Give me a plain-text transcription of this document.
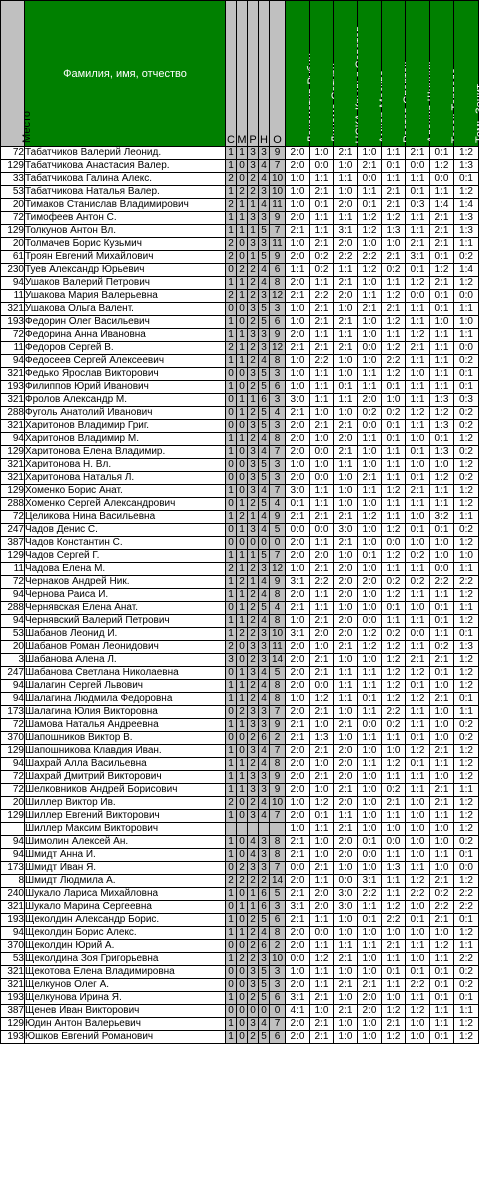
Место	Фамилия, имя, отчество	С	М	Р	Н	О								Томь-Зенит

72	Табатчиков Валерий Леонид.	1	1	3	3	9	2:0	1:0	2:1	1:0	1:1	2:1	0:1	1:2
129	Табатчикова Анастасия Валер.	1	0	3	4	7	2:0	0:0	1:0	2:1	0:1	0:0	1:2	1:3
33	Табатчикова Галина Алекс.	2	0	2	4	10	1:0	1:1	1:1	0:0	1:1	1:1	0:0	0:1
53	Табатчикова Наталья Валер.	1	2	2	3	10	1:0	2:1	1:0	1:1	2:1	0:1	1:1	1:2
20	Тимаков Станислав Владимирович	2	1	1	4	11	1:0	0:1	2:0	0:1	2:1	0:3	1:4	1:4
72	Тимофеев Антон С.	1	1	3	3	9	2:0	1:1	1:1	1:2	1:2	1:1	2:1	1:3
129	Толкунов Антон Вл.	1	1	1	5	7	2:1	1:1	3:1	1:2	1:3	1:1	2:1	1:3
20	Толмачев Борис Кузьмич	2	0	3	3	11	1:0	2:1	2:0	1:0	1:0	2:1	2:1	1:1
61	Троян Евгений Михайлович	2	0	1	5	9	2:0	0:2	2:2	2:2	2:1	3:1	0:1	0:2
230	Туев Александр Юрьевич	0	2	2	4	6	1:1	0:2	1:1	1:2	0:2	0:1	1:2	1:4
94	Ушаков Валерий Петрович	1	1	2	4	8	2:0	1:1	2:1	1:0	1:1	1:2	2:1	1:2
11	Ушакова Мария Валерьевна	2	1	2	3	12	2:1	2:2	2:0	1:1	1:2	0:0	0:1	0:0
321	Ушакова Ольга Валент.	0	0	3	5	3	1:0	2:1	1:0	2:1	2:1	1:1	0:1	1:1
193	Федорин Олег Васильевич	1	0	2	5	6	1:0	2:1	2:1	1:0	1:2	1:1	1:0	1:0
72	Федорина Анна Ивановна	1	1	3	3	9	2:0	1:1	1:1	1:0	1:1	1:2	1:1	1:1
11	Федоров Сергей В.	2	1	2	3	12	2:1	2:1	2:1	0:0	1:2	2:1	1:1	0:0
94	Федосеев Сергей Алексеевич	1	1	2	4	8	1:0	2:2	1:0	1:0	2:2	1:1	1:1	0:2
321	Федько Ярослав Викторович	0	0	3	5	3	1:0	1:1	1:0	1:1	1:2	1:0	1:1	0:1
193	Филиппов Юрий Иванович	1	0	2	5	6	1:0	1:1	0:1	1:1	0:1	1:1	1:1	0:1
321	Фролов Александр М.	0	1	1	6	3	3:0	1:1	1:1	2:0	1:0	1:1	1:3	0:3
288	Фуголь Анатолий Иванович	0	1	2	5	4	2:1	1:0	1:0	0:2	0:2	1:2	1:2	0:2
321	Харитонов Владимир Григ.	0	0	3	5	3	2:0	2:1	2:1	0:0	0:1	1:1	1:3	0:2
94	Харитонов Владимир М.	1	1	2	4	8	2:0	1:0	2:0	1:1	0:1	1:0	0:1	1:2
129	Харитонова Елена Владимир.	1	0	3	4	7	2:0	0:0	2:1	1:0	1:1	0:1	1:3	0:2
321	Харитонова Н. Вл.	0	0	3	5	3	1:0	1:0	1:1	1:0	1:1	1:0	1:0	1:2
321	Харитонова Наталья Л.	0	0	3	5	3	2:0	0:0	1:0	2:1	1:1	0:1	1:2	0:2
129	Хоменко Борис Анат.	1	0	3	4	7	3:0	1:1	1:0	1:1	1:2	2:1	1:1	1:2
288	Хоменко Сергей Александрович	0	1	2	5	4	0:1	1:1	1:0	1:0	1:1	1:1	1:1	1:2
72	Целикова Нина Васильевна	1	2	1	4	9	2:1	2:1	2:1	1:2	1:1	1:0	3:2	1:1
247	Чадов Денис С.	0	1	3	4	5	0:0	0:0	3:0	1:0	1:2	0:1	0:1	0:2
387	Чадов Константин С.	0	0	0	0	0	2:0	1:1	2:1	1:0	0:0	1:0	1:0	1:2
129	Чадов Сергей Г.	1	1	1	5	7	2:0	2:0	1:0	0:1	1:2	0:2	1:0	1:0
11	Чадова Елена М.	2	1	2	3	12	1:0	2:1	2:0	1:0	1:1	1:1	0:0	1:1
72	Чернаков Андрей Ник.	1	2	1	4	9	3:1	2:2	2:0	2:0	0:2	0:2	2:2	2:2
94	Чернова Раиса И.	1	1	2	4	8	2:0	1:1	2:0	1:0	1:2	1:1	1:1	1:2
288	Чернявская Елена Анат.	0	1	2	5	4	2:1	1:1	1:0	1:0	0:1	1:0	0:1	1:1
94	Чернявский Валерий Петрович	1	1	2	4	8	1:0	2:1	2:0	0:0	1:1	1:1	0:1	1:2
53	Шабанов Леонид И.	1	2	2	3	10	3:1	2:0	2:0	1:2	0:2	0:0	1:1	0:1
20	Шабанов Роман Леонидович	2	0	3	3	11	2:0	1:0	2:1	1:2	1:2	1:1	0:2	1:3
3	Шабанова Алена Л.	3	0	2	3	14	2:0	2:1	1:0	1:0	1:2	2:1	2:1	1:2
247	Шабанова Светлана Николаевна	0	1	3	4	5	2:0	2:1	1:1	1:1	1:2	1:2	0:1	1:2
94	Шалагин Сергей Львович	1	1	2	4	8	2:0	0:0	1:1	1:1	1:2	0:1	1:0	1:2
94	Шалагина Людмила Федоровна	1	1	2	4	8	1:0	1:2	1:1	0:1	1:2	1:2	2:1	0:1
173	Шалагина Юлия Викторовна	0	2	3	3	7	2:0	2:1	1:0	1:1	2:2	1:1	1:0	1:1
72	Шамова Наталья Андреевна	1	1	3	3	9	2:1	1:0	2:1	0:0	0:2	1:1	1:0	0:2
370	Шапошников Виктор В.	0	0	2	6	2	2:1	1:3	1:0	1:1	1:1	0:1	1:0	0:2
129	Шапошникова Клавдия Иван.	1	0	3	4	7	2:0	2:1	2:0	1:0	1:0	1:2	2:1	1:2
94	Шахрай Алла Васильевна	1	1	2	4	8	2:0	1:0	2:0	1:1	1:2	0:1	1:1	1:2
72	Шахрай Дмитрий Викторович	1	1	3	3	9	2:0	2:1	2:0	1:0	1:1	1:1	1:0	1:2
72	Шелковников Андрей Борисович	1	1	3	3	9	2:0	1:0	2:1	1:0	0:2	1:1	2:1	1:1
20	Шиллер Виктор Ив.	2	0	2	4	10	1:0	1:2	2:0	1:0	2:1	1:0	2:1	1:2
129	Шиллер Евгений Викторович	1	0	3	4	7	2:0	0:1	1:1	1:0	1:1	1:0	1:1	1:2
	Шиллер Максим Викторович						1:0	1:1	2:1	1:0	1:0	1:0	1:0	1:2
94	Шимолин Алексей Ан.	1	0	4	3	8	2:1	1:0	2:0	0:1	0:0	1:0	1:0	0:2
94	Шмидт Анна И.	1	0	4	3	8	2:1	1:0	2:0	0:0	1:1	1:0	1:1	0:1
173	Шмидт Иван Я.	0	2	3	3	7	0:0	2:1	1:0	1:0	1:3	1:1	1:0	0:0
8	Шмидт Людмила А.	2	2	2	2	14	2:0	1:1	0:0	3:1	1:1	1:2	2:1	1:2
240	Шукало Лариса Михайловна	1	0	1	6	5	2:1	2:0	3:0	2:2	1:1	2:2	0:2	2:2
321	Шукало Марина Сергеевна	0	1	1	6	3	3:1	2:0	3:0	1:1	1:2	1:0	2:2	2:2
193	Щеколдин Александр Борис.	1	0	2	5	6	2:1	1:1	1:0	0:1	2:2	0:1	2:1	0:1
94	Щеколдин Борис Алекс.	1	1	2	4	8	2:0	0:0	1:0	1:0	1:0	1:0	1:0	1:2
370	Щеколдин Юрий А.	0	0	2	6	2	2:0	1:1	1:1	1:1	2:1	1:1	1:2	1:1
53	Щеколдина Зоя Григорьевна	1	2	2	3	10	0:0	1:2	2:1	1:0	1:1	1:0	1:1	2:2
321	Щекотова Елена Владимировна	0	0	3	5	3	1:0	1:1	1:0	1:0	0:1	0:1	0:1	0:2
321	Щелкунов Олег А.	0	0	3	5	3	2:0	1:1	2:1	2:1	1:1	2:2	0:1	0:2
193	Щелкунова Ирина Я.	1	0	2	5	6	3:1	2:1	1:0	2:0	1:0	1:1	0:1	0:1
387	Щенев Иван Викторович	0	0	0	0	0	4:1	1:0	2:1	2:0	1:2	1:2	1:1	1:1
129	Юдин Антон Валерьевич	1	0	3	4	7	2:0	2:1	1:0	1:0	2:1	1:0	1:1	1:2
193	Юшков Евгений Романович	1	0	2	5	6	2:0	2:1	1:0	1:0	1:2	1:0	0:1	1:2
